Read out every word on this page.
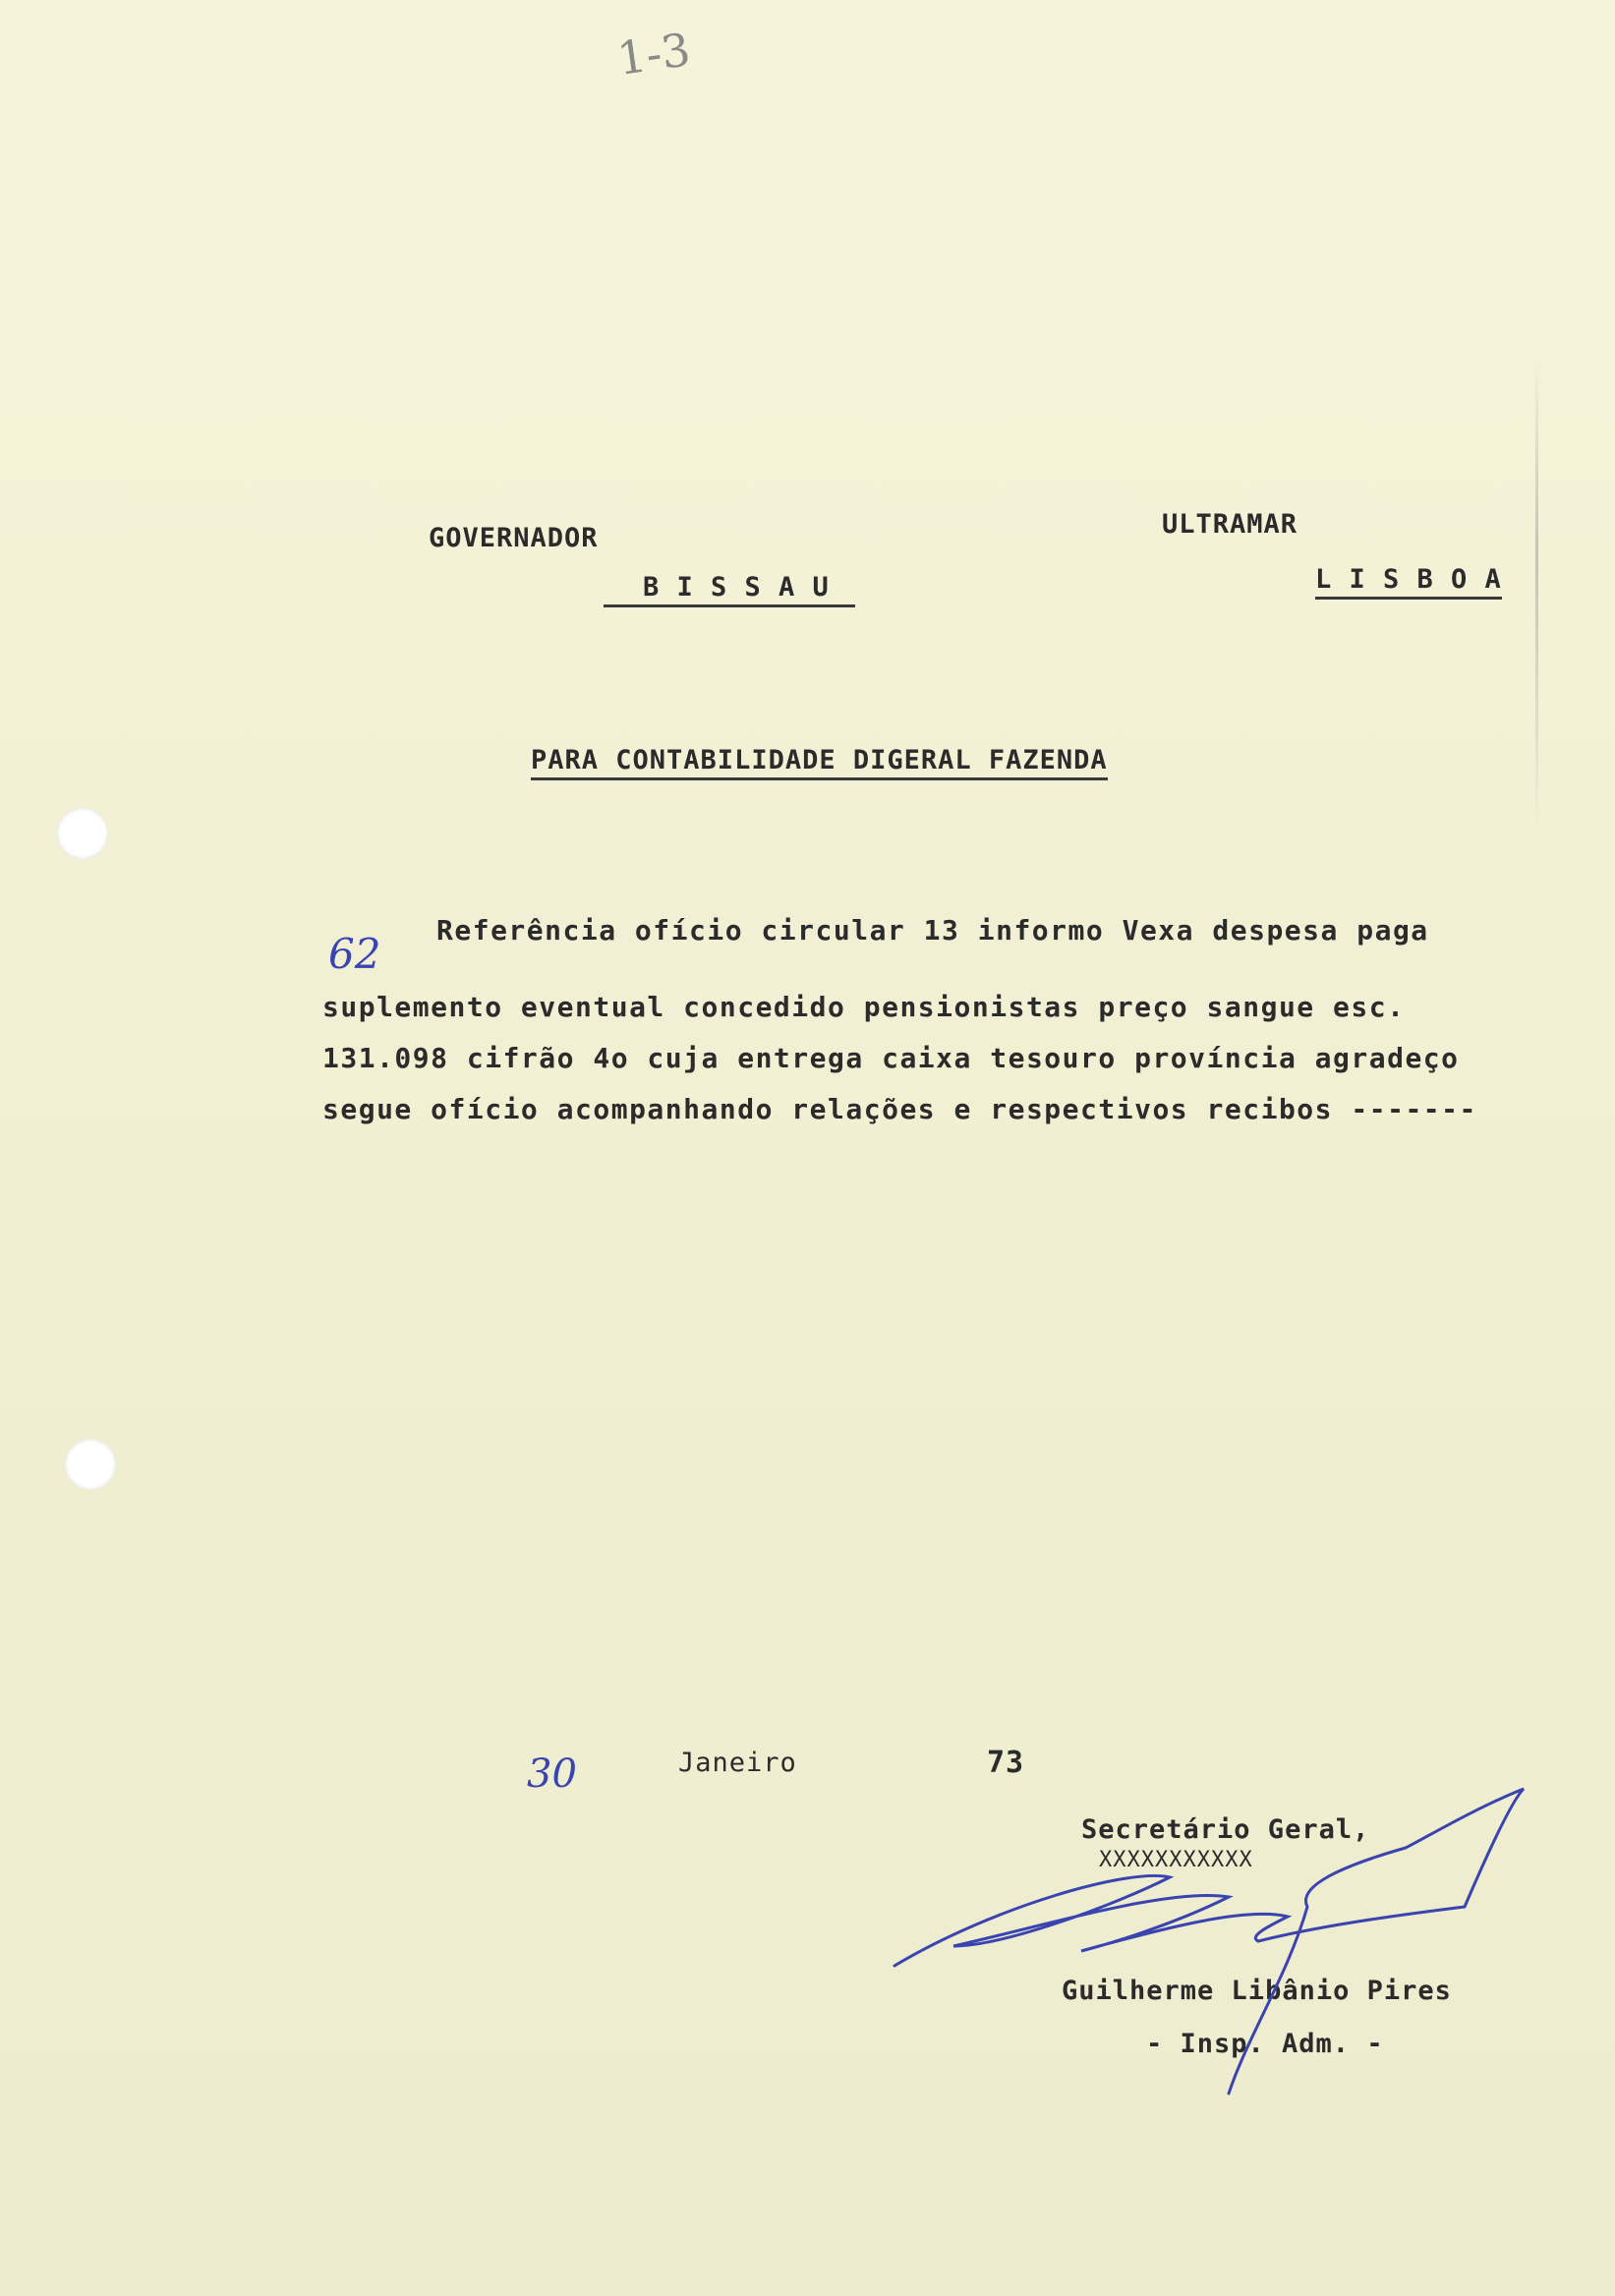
1-3
GOVERNADOR
B I S S A U
ULTRAMAR
L I S B O A
PARA CONTABILIDADE DIGERAL FAZENDA
62 Referência ofício circular 13 informo Vexa despesa paga
suplemento eventual concedido pensionistas preço sangue esc.
131.098 cifrão 4o cuja entrega caixa tesouro província agradeço
segue ofício acompanhando relações e respectivos recibos -------
30	Janeiro	73
Secretário Geral,
XXXXXXXXXXX
Guilherme Libânio Pires
- Insp. Adm. -
